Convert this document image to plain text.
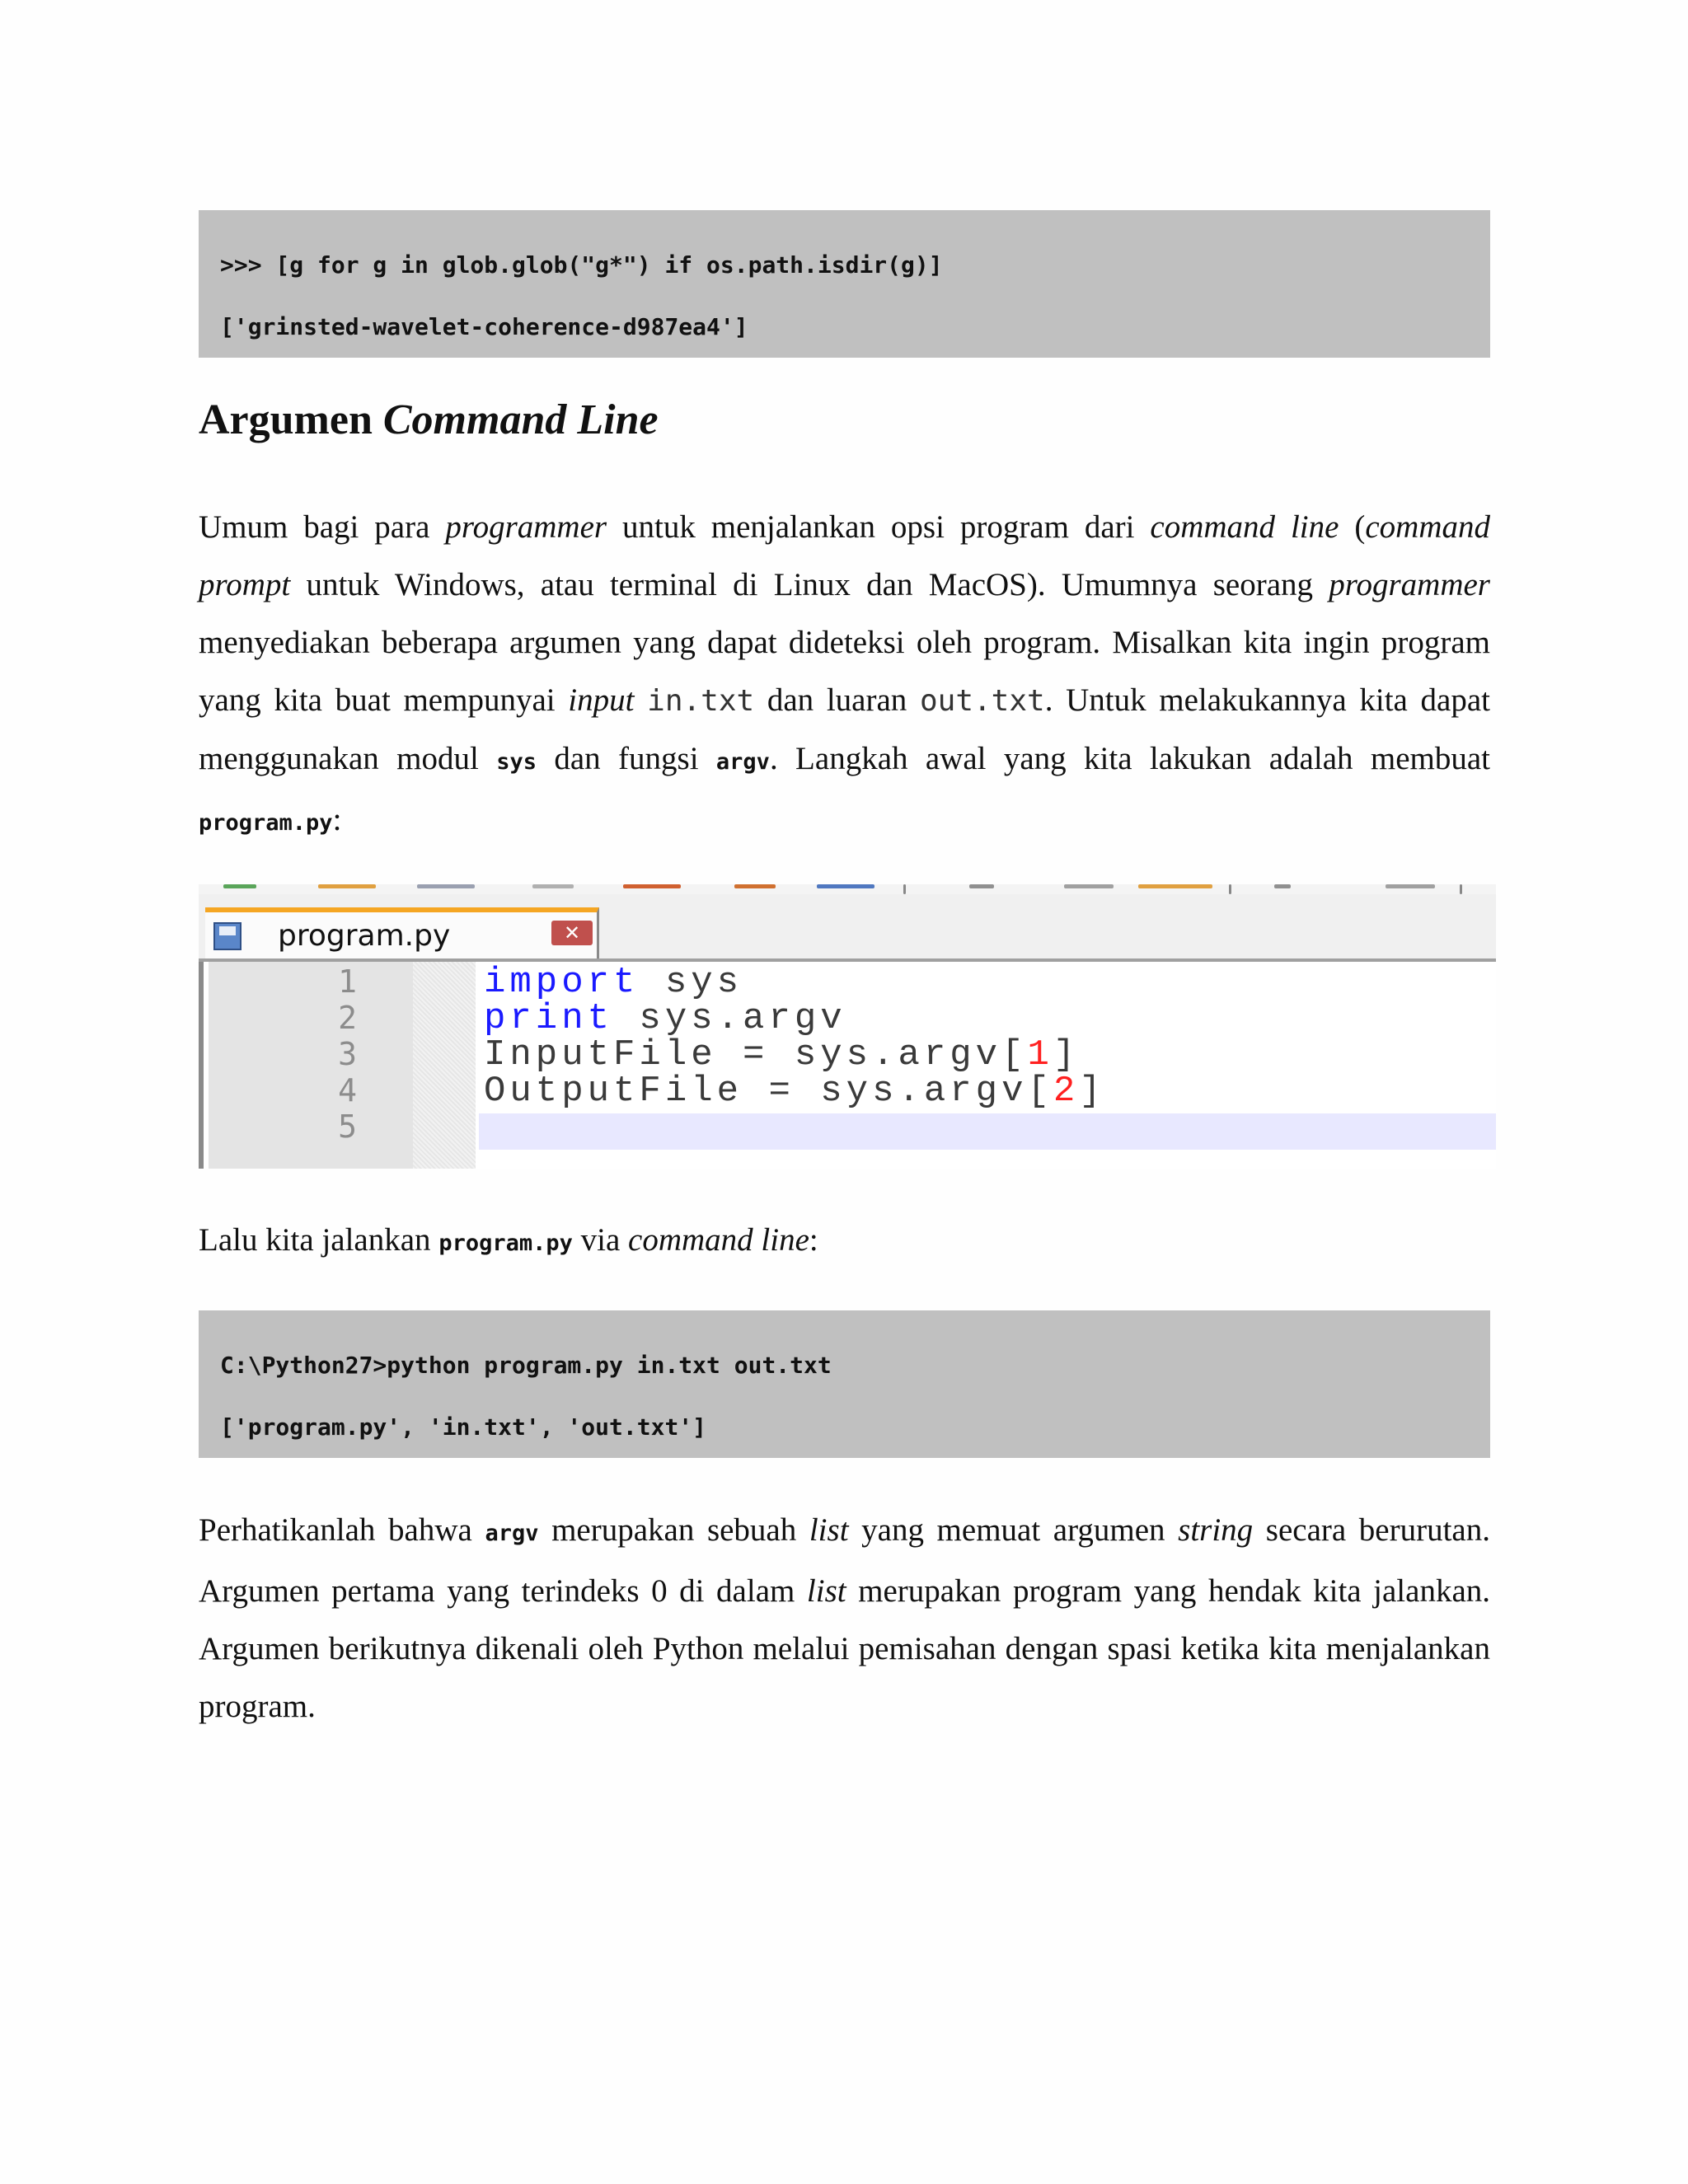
>>> [g for g in glob.glob("g*") if os.path.isdir(g)]
['grinsted-wavelet-coherence-d987ea4']
Argumen Command Line

Umum bagi para programmer untuk menjalankan opsi program dari command line (command prompt untuk Windows, atau terminal di Linux dan MacOS). Umumnya seorang programmer menyediakan beberapa argumen yang dapat dideteksi oleh program. Misalkan kita ingin program yang kita buat mempunyai input in.txt dan luaran out.txt. Untuk melakukannya kita dapat menggunakan modul sys dan fungsi argv. Langkah awal yang kita lakukan adalah membuat program.py:

program.py	✕
1
2
3
4
5
import sys
print sys.argv
InputFile = sys.argv[1]
OutputFile = sys.argv[2]

Lalu kita jalankan program.py via command line:

C:\Python27>python program.py in.txt out.txt
['program.py', 'in.txt', 'out.txt']

Perhatikanlah bahwa argv merupakan sebuah list yang memuat argumen string secara berurutan. Argumen pertama yang terindeks 0 di dalam list merupakan program yang hendak kita jalankan. Argumen berikutnya dikenali oleh Python melalui pemisahan dengan spasi ketika kita menjalankan program.
